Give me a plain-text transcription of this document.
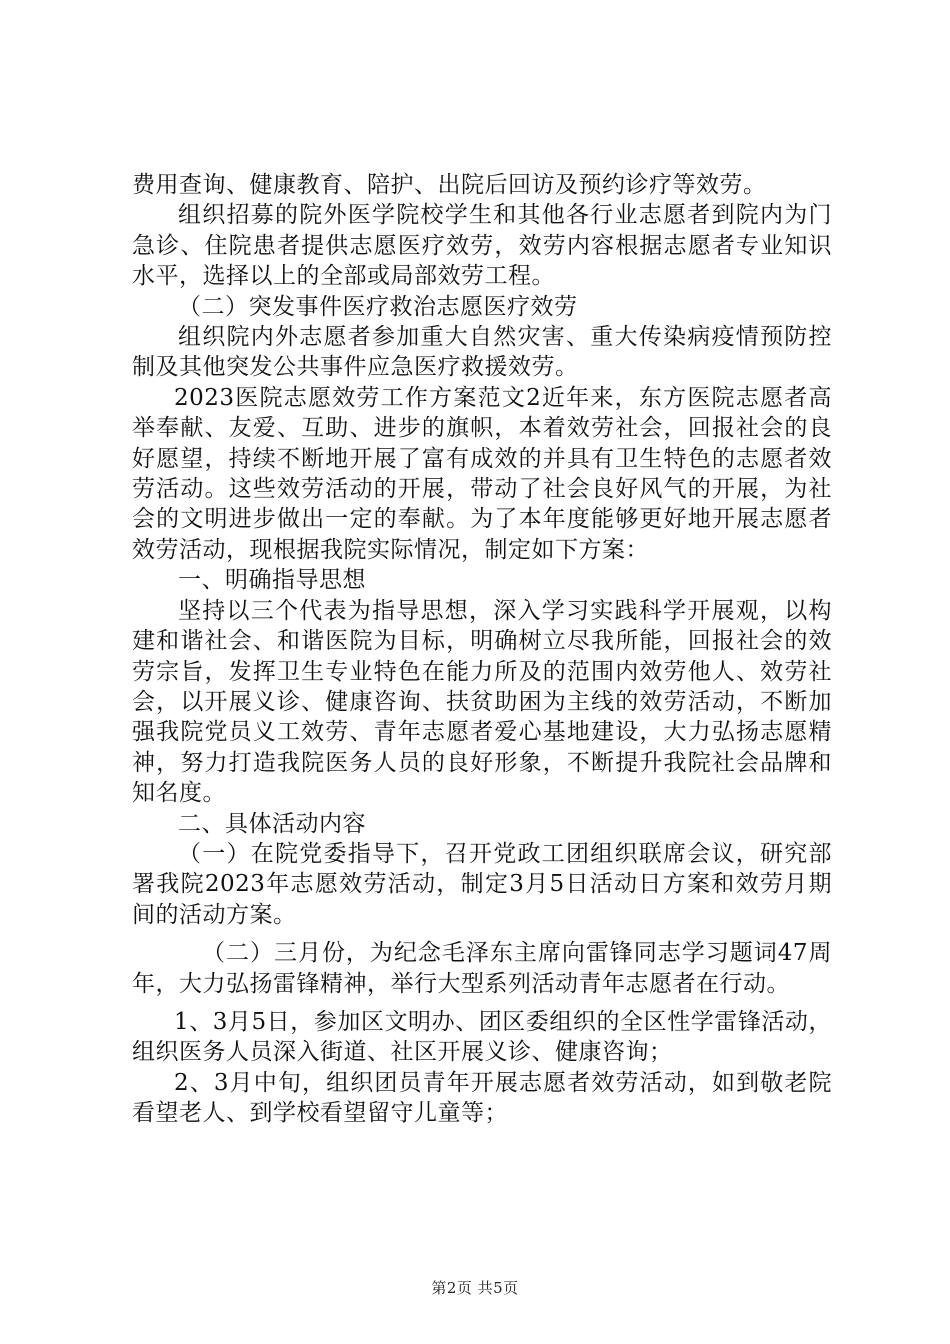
费用查询、健康教育、陪护、出院后回访及预约诊疗等效劳。

组织招募的院外医学院校学生和其他各行业志愿者到院内为门急诊、住院患者提供志愿医疗效劳，效劳内容根据志愿者专业知识水平，选择以上的全部或局部效劳工程。

（二）突发事件医疗救治志愿医疗效劳

组织院内外志愿者参加重大自然灾害、重大传染病疫情预防控制及其他突发公共事件应急医疗救援效劳。

2023医院志愿效劳工作方案范文2近年来，东方医院志愿者高举奉献、友爱、互助、进步的旗帜，本着效劳社会，回报社会的良好愿望，持续不断地开展了富有成效的并具有卫生特色的志愿者效劳活动。这些效劳活动的开展，带动了社会良好风气的开展，为社会的文明进步做出一定的奉献。为了本年度能够更好地开展志愿者效劳活动，现根据我院实际情况，制定如下方案：

一、明确指导思想

坚持以三个代表为指导思想，深入学习实践科学开展观，以构建和谐社会、和谐医院为目标，明确树立尽我所能，回报社会的效劳宗旨，发挥卫生专业特色在能力所及的范围内效劳他人、效劳社会，以开展义诊、健康咨询、扶贫助困为主线的效劳活动，不断加强我院党员义工效劳、青年志愿者爱心基地建设，大力弘扬志愿精神，努力打造我院医务人员的良好形象，不断提升我院社会品牌和知名度。

二、具体活动内容

（一）在院党委指导下，召开党政工团组织联席会议，研究部署我院2023年志愿效劳活动，制定3月5日活动日方案和效劳月期间的活动方案。

（二）三月份，为纪念毛泽东主席向雷锋同志学习题词47周年，大力弘扬雷锋精神，举行大型系列活动青年志愿者在行动。

1、3月5日，参加区文明办、团区委组织的全区性学雷锋活动，组织医务人员深入街道、社区开展义诊、健康咨询；

2、3月中旬，组织团员青年开展志愿者效劳活动，如到敬老院看望老人、到学校看望留守儿童等；

第2页 共5页
